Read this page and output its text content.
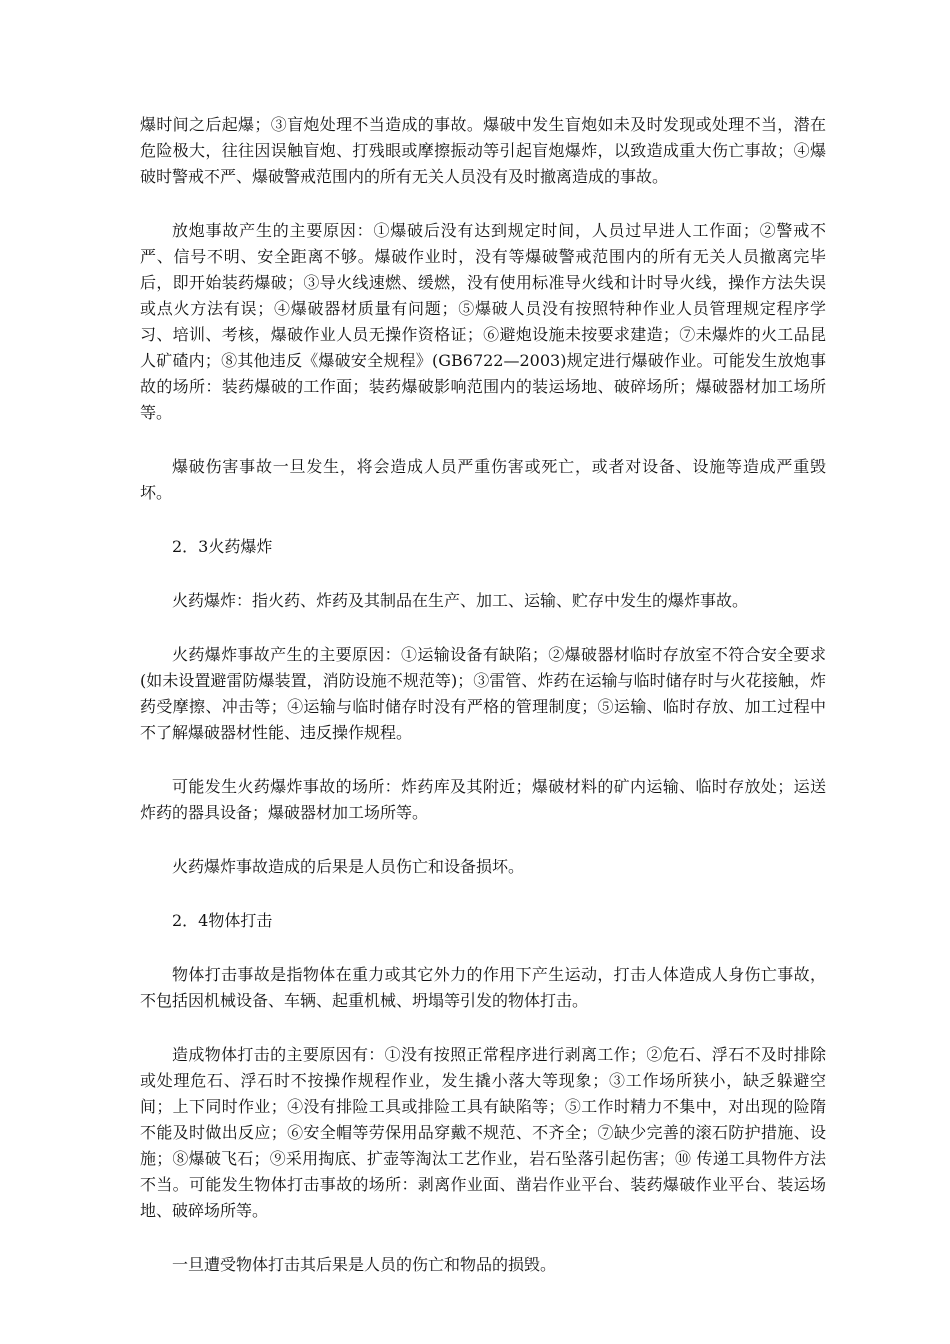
爆时间之后起爆；③盲炮处理不当造成的事故。爆破中发生盲炮如未及时发现或处理不当，潜在危险极大，往往因误触盲炮、打残眼或摩擦振动等引起盲炮爆炸，以致造成重大伤亡事故；④爆破时警戒不严、爆破警戒范围内的所有无关人员没有及时撤离造成的事故。

放炮事故产生的主要原因：①爆破后没有达到规定时间，人员过早进人工作面；②警戒不严、信号不明、安全距离不够。爆破作业时，没有等爆破警戒范围内的所有无关人员撤离完毕后，即开始装药爆破；③导火线速燃、缓燃，没有使用标准导火线和计时导火线，操作方法失误或点火方法有误；④爆破器材质量有问题；⑤爆破人员没有按照特种作业人员管理规定程序学习、培训、考核，爆破作业人员无操作资格证；⑥避炮设施未按要求建造；⑦未爆炸的火工品昆人矿碴内；⑧其他违反《爆破安全规程》(GB6722—2003)规定进行爆破作业。可能发生放炮事故的场所：装药爆破的工作面；装药爆破影响范围内的装运场地、破碎场所；爆破器材加工场所等。

爆破伤害事故一旦发生，将会造成人员严重伤害或死亡，或者对设备、设施等造成严重毁坏。

2．3火药爆炸

火药爆炸：指火药、炸药及其制品在生产、加工、运输、贮存中发生的爆炸事故。

火药爆炸事故产生的主要原因：①运输设备有缺陷；②爆破器材临时存放室不符合安全要求(如未设置避雷防爆装置，消防设施不规范等)；③雷管、炸药在运输与临时储存时与火花接触，炸药受摩擦、冲击等；④运输与临时储存时没有严格的管理制度；⑤运输、临时存放、加工过程中不了解爆破器材性能、违反操作规程。

可能发生火药爆炸事故的场所：炸药库及其附近；爆破材料的矿内运输、临时存放处；运送炸药的器具设备；爆破器材加工场所等。

火药爆炸事故造成的后果是人员伤亡和设备损坏。

2．4物体打击

物体打击事故是指物体在重力或其它外力的作用下产生运动，打击人体造成人身伤亡事故，不包括因机械设备、车辆、起重机械、坍塌等引发的物体打击。

造成物体打击的主要原因有：①没有按照正常程序进行剥离工作；②危石、浮石不及时排除或处理危石、浮石时不按操作规程作业，发生撬小落大等现象；③工作场所狭小，缺乏躲避空间；上下同时作业；④没有排险工具或排险工具有缺陷等；⑤工作时精力不集中，对出现的险隋不能及时做出反应；⑥安全帽等劳保用品穿戴不规范、不齐全；⑦缺少完善的滚石防护措施、设施；⑧爆破飞石；⑨采用掏底、扩壶等淘汰工艺作业，岩石坠落引起伤害；⑩ 传递工具物件方法不当。可能发生物体打击事故的场所：剥离作业面、凿岩作业平台、装药爆破作业平台、装运场地、破碎场所等。

一旦遭受物体打击其后果是人员的伤亡和物品的损毁。
